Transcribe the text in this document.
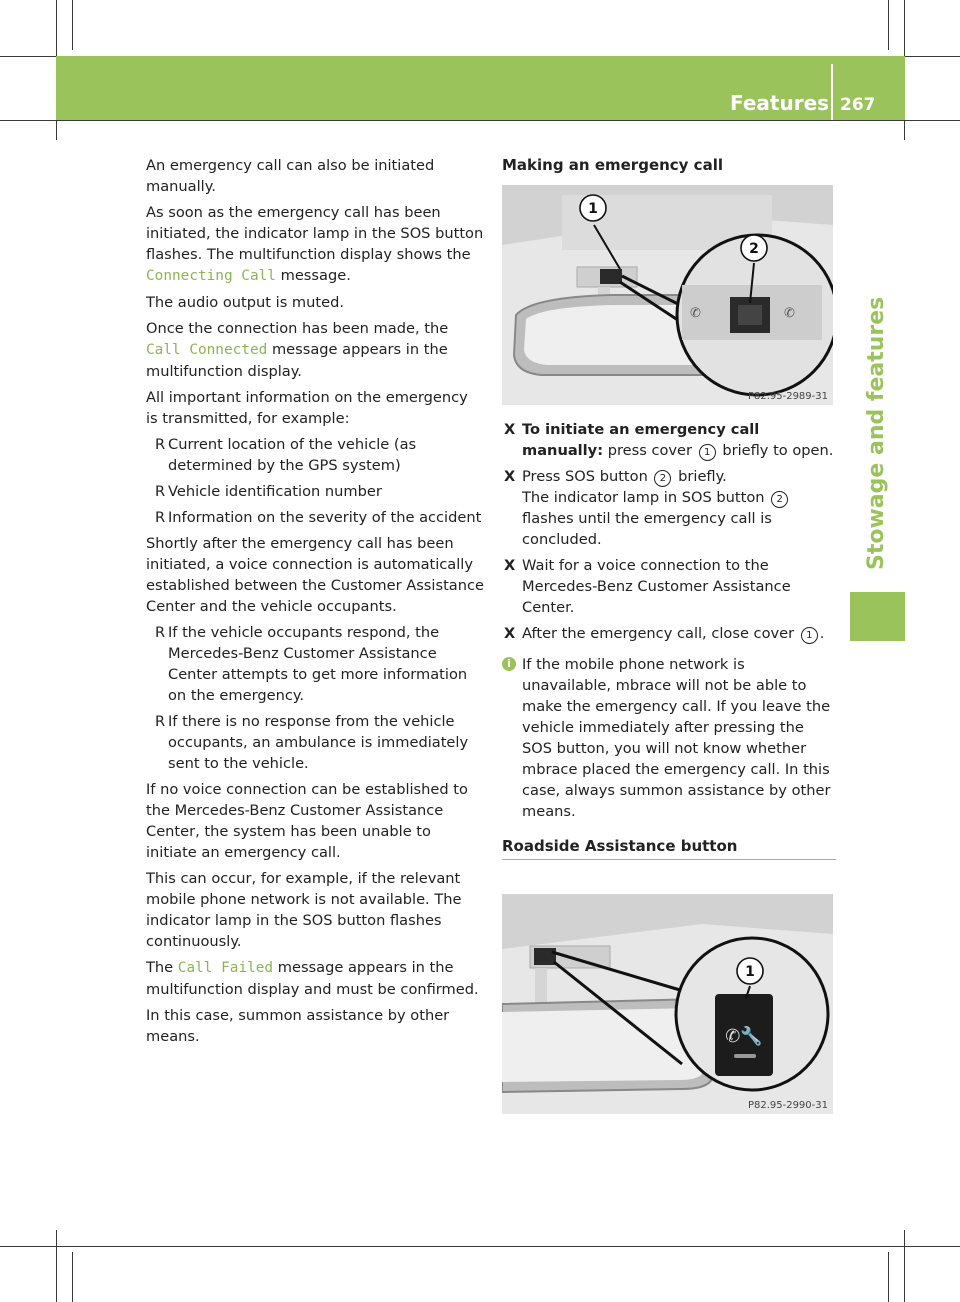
Features 267
Stowage and features

An emergency call can also be initiated manually.

As soon as the emergency call has been initiated, the indicator lamp in the SOS button flashes. The multifunction display shows the
Connecting Call message.

The audio output is muted.

Once the connection has been made, the
Call Connected message appears in the multifunction display.

All important information on the emergency is transmitted, for example:

R Current location of the vehicle (as determined by the GPS system)

R Vehicle identification number

R Information on the severity of the accident

Shortly after the emergency call has been initiated, a voice connection is automatically established between the Customer Assistance Center and the vehicle occupants.

R If the vehicle occupants respond, the Mercedes-Benz Customer Assistance Center attempts to get more information on the emergency.

R If there is no response from the vehicle occupants, an ambulance is immediately sent to the vehicle.

If no voice connection can be established to the Mercedes-Benz Customer Assistance Center, the system has been unable to initiate an emergency call.

This can occur, for example, if the relevant mobile phone network is not available. The indicator lamp in the SOS button flashes continuously.

The Call Failed message appears in the multifunction display and must be confirmed.

In this case, summon assistance by other means.

Making an emergency call

✆	✆
1
2
P82.95-2989-31

X To initiate an emergency call manually: press cover 1 briefly to open.

X Press SOS button 2 briefly.
The indicator lamp in SOS button 2
flashes until the emergency call is concluded.

X Wait for a voice connection to the Mercedes-Benz Customer Assistance Center.

X After the emergency call, close cover 1 .

i If the mobile phone network is unavailable, mbrace will not be able to make the emergency call. If you leave the vehicle immediately after pressing the SOS button, you will not know whether mbrace placed the emergency call. In this case, always summon assistance by other means.

Roadside Assistance button

✆🔧
1
P82.95-2990-31
